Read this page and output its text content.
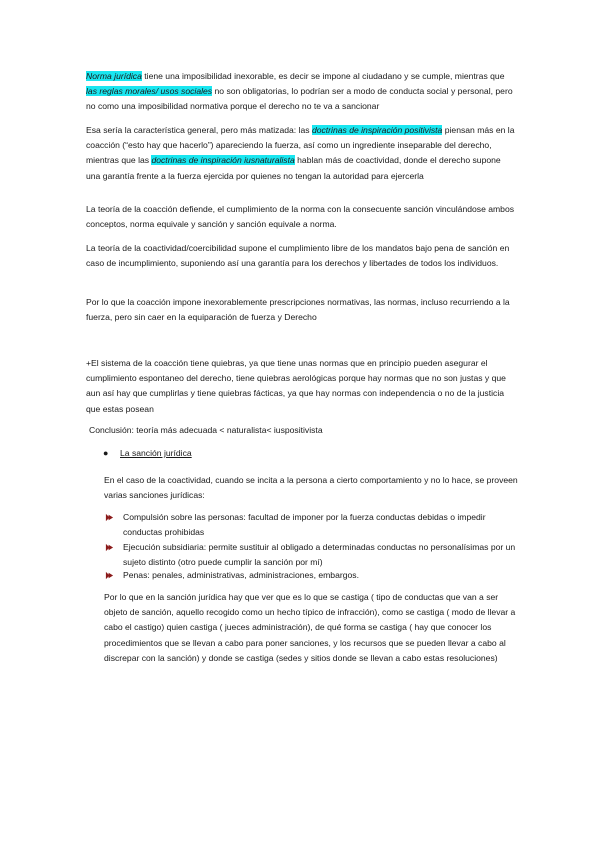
Norma jurídica tiene una imposibilidad inexorable, es decir se impone al ciudadano y se cumple, mientras que las reglas morales/ usos sociales no son obligatorias, lo podrían ser a modo de conducta social y personal, pero no como una imposibilidad normativa porque el derecho no te va a sancionar
Esa sería la característica general, pero más matizada: las doctrinas de inspiración positivista piensan más en la coacción (“esto hay que hacerlo”) apareciendo la fuerza, así como un ingrediente inseparable del derecho, mientras que las doctrinas de inspiración iusnaturalista hablan más de coactividad, donde el derecho supone una garantía frente a la fuerza ejercida por quienes no tengan la autoridad para ejercerla
La teoría de la coacción defiende, el cumplimiento de la norma con la consecuente sanción vinculándose ambos conceptos, norma equivale y sanción y sanción equivale a norma.
La teoría de la coactividad/coercibilidad supone el cumplimiento libre de los mandatos bajo pena de sanción en caso de incumplimiento, suponiendo así una garantía para los derechos y libertades de todos los individuos.
Por lo que la coacción impone inexorablemente prescripciones normativas, las normas, incluso recurriendo a la fuerza, pero sin caer en la equiparación de fuerza y Derecho
+El sistema de la coacción tiene quiebras, ya que tiene unas normas que en principio pueden asegurar el cumplimiento espontaneo del derecho, tiene quiebras aerológicas porque hay normas que no son justas y que aun así hay que cumplirlas y tiene quiebras fácticas, ya que hay normas con independencia o no de la justicia que estas posean
Conclusión: teoría más adecuada < naturalista< iuspositivista
● La sanción jurídica
En el caso de la coactividad, cuando se incita a la persona a cierto comportamiento y no lo hace, se proveen varias sanciones jurídicas:
Compulsión sobre las personas: facultad de imponer por la fuerza conductas debidas o impedir conductas prohibidas
Ejecución subsidiaria: permite sustituir al obligado a determinadas conductas no personalísimas por un sujeto distinto (otro puede cumplir la sanción por mí)
Penas: penales, administrativas, administraciones, embargos.
Por lo que en la sanción jurídica hay que ver que es lo que se castiga ( tipo de conductas que van a ser objeto de sanción, aquello recogido como un hecho típico de infracción), como se castiga ( modo de llevar a cabo el castigo) quien castiga ( jueces administración), de qué forma se castiga ( hay que conocer los procedimientos que se llevan a cabo para poner sanciones, y los recursos que se pueden llevar a cabo al discrepar con la sanción) y donde se castiga (sedes y sitios donde se llevan a cabo estas resoluciones)
